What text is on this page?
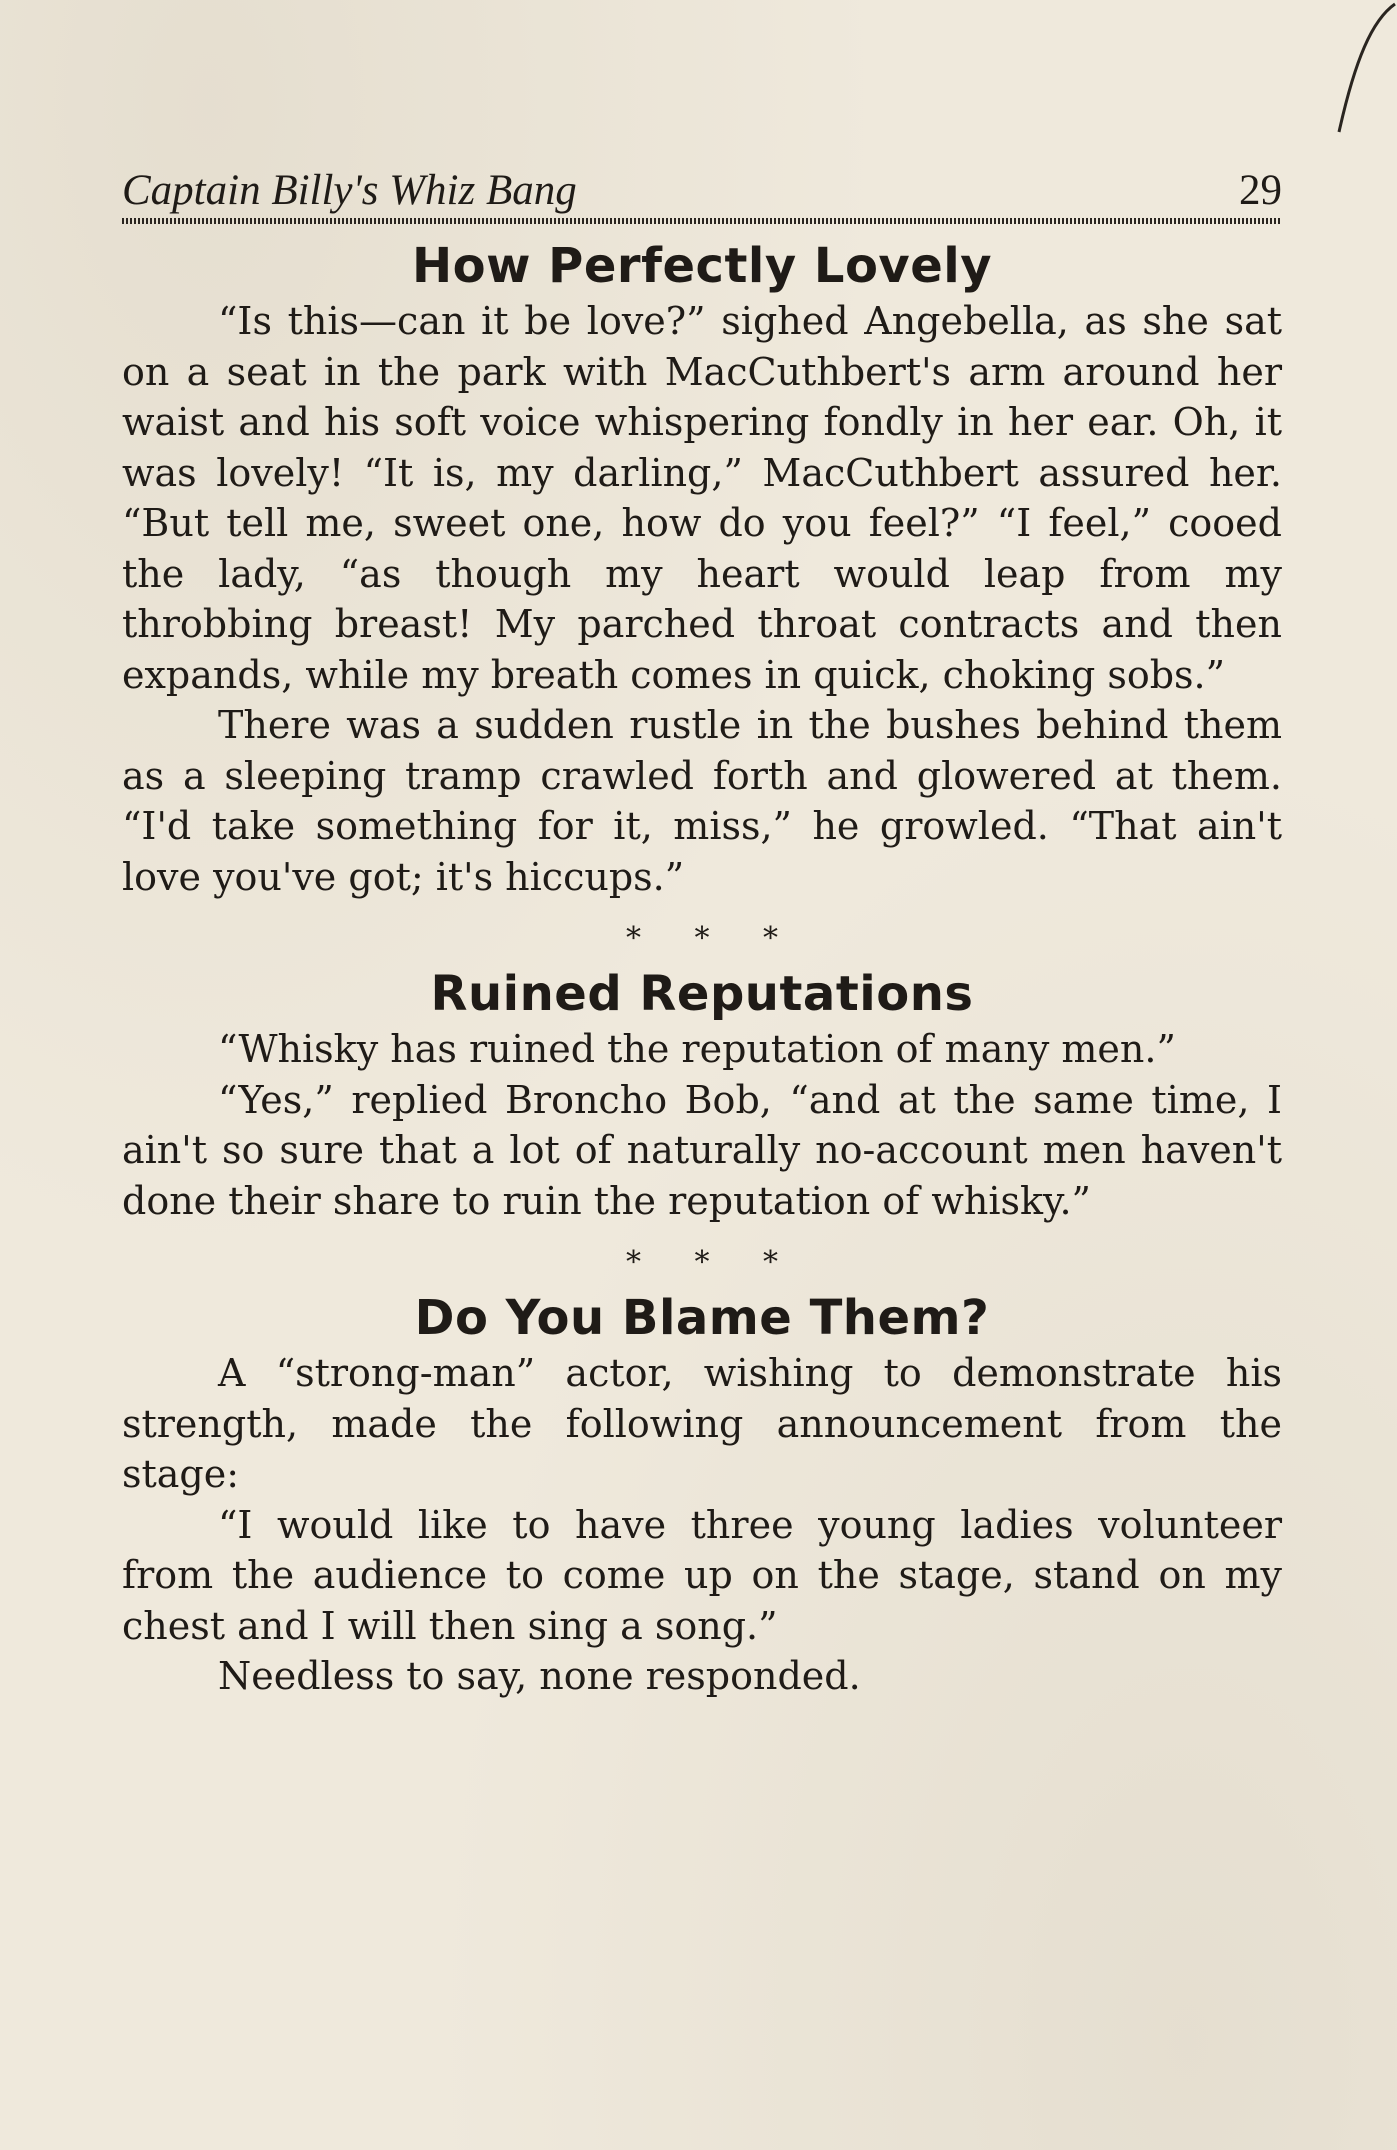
Captain Billy's Whiz Bang	29
How Perfectly Lovely

“Is this—can it be love?” sighed Angebella, as she sat on a seat in the park with MacCuthbert's arm around her waist and his soft voice whispering fondly in her ear. Oh, it was lovely! “It is, my darling,” MacCuthbert assured her. “But tell me, sweet one, how do you feel?” “I feel,” cooed the lady, “as though my heart would leap from my throbbing breast! My parched throat contracts and then expands, while my breath comes in quick, choking sobs.”

There was a sudden rustle in the bushes behind them as a sleeping tramp crawled forth and glowered at them. “I'd take something for it, miss,” he growled. “That ain't love you've got; it's hiccups.”

* * *
Ruined Reputations

“Whisky has ruined the reputation of many men.”

“Yes,” replied Broncho Bob, “and at the same time, I ain't so sure that a lot of naturally no-account men haven't done their share to ruin the reputation of whisky.”

* * *
Do You Blame Them?

A “strong-man” actor, wishing to demonstrate his strength, made the following announcement from the stage:

“I would like to have three young ladies volunteer from the audience to come up on the stage, stand on my chest and I will then sing a song.”

Needless to say, none responded.
